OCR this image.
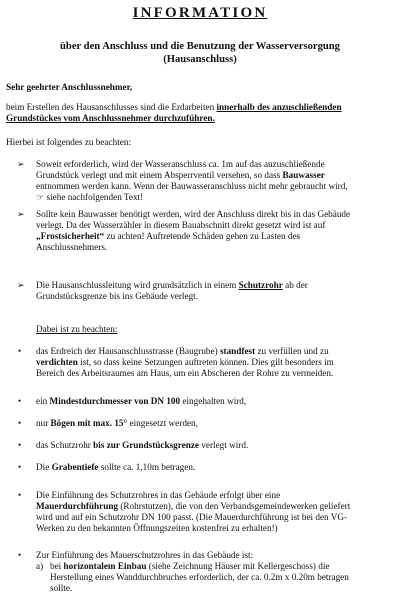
INFORMATION
über den Anschluss und die Benutzung der Wasserversorgung
(Hausanschluss)
Sehr geehrter Anschlussnehmer,
beim Erstellen des Hausanschlusses sind die Erdarbeiten innerhalb des anzuschließenden
Grundstückes vom Anschlussnehmer durchzuführen.
Hierbei ist folgendes zu beachten:
➢ Soweit erforderlich, wird der Wasseranschluss ca. 1m auf das anzuschließende
Grundstück verlegt und mit einem Absperrventil versehen, so dass Bauwasser
entnommen werden kann. Wenn der Bauwasseranschluss nicht mehr gebraucht wird,
☞ siehe nachfolgenden Text!
➢ Sollte kein Bauwasser benötigt werden, wird der Anschluss direkt bis in das Gebäude
verlegt. Da der Wasserzähler in diesem Bauabschnitt direkt gesetzt wird ist auf
„Frostsicherheit“ zu achten! Auftretende Schäden gehen zu Lasten des
Anschlussnehmers.
➢ Die Hausanschlussleitung wird grundsätzlich in einem Schutzrohr ab der
Grundstücksgrenze bis ins Gebäude verlegt.
Dabei ist zu beachten:
• das Erdreich der Hausanschlusstrasse (Baugrube) standfest zu verfüllen und zu
verdichten ist, so dass keine Setzungen auftreten können. Dies gilt besonders im
Bereich des Arbeitsraumes am Haus, um ein Abscheren der Rohre zu vermeiden.
• ein Mindestdurchmesser von DN 100 eingehalten wird,
• nur Bögen mit max. 15° eingesetzt werden,
• das Schutzrohr bis zur Grundstücksgrenze verlegt wird.
• Die Grabentiefe sollte ca. 1,10m betragen.
• Die Einführung des Schutzrohres in das Gebäude erfolgt über eine
Mauerdurchführung (Rohrstutzen), die von den Verbandsgemeindewerken geliefert
wird und auf ein Schutzrohr DN 100 passt. (Die Mauerdurchführung ist bei den VG-
Werken zu den bekannten Öffnungszeiten kostenfrei zu erhalten!)
• Zur Einführung des Mauerschutzrohres in das Gebäude ist:
a) bei horizontalem Einbau (siehe Zeichnung Häuser mit Kellergeschoss) die
Herstellung eines Wanddurchbruches erforderlich, der ca. 0.2m x 0.20m betragen
sollte.
